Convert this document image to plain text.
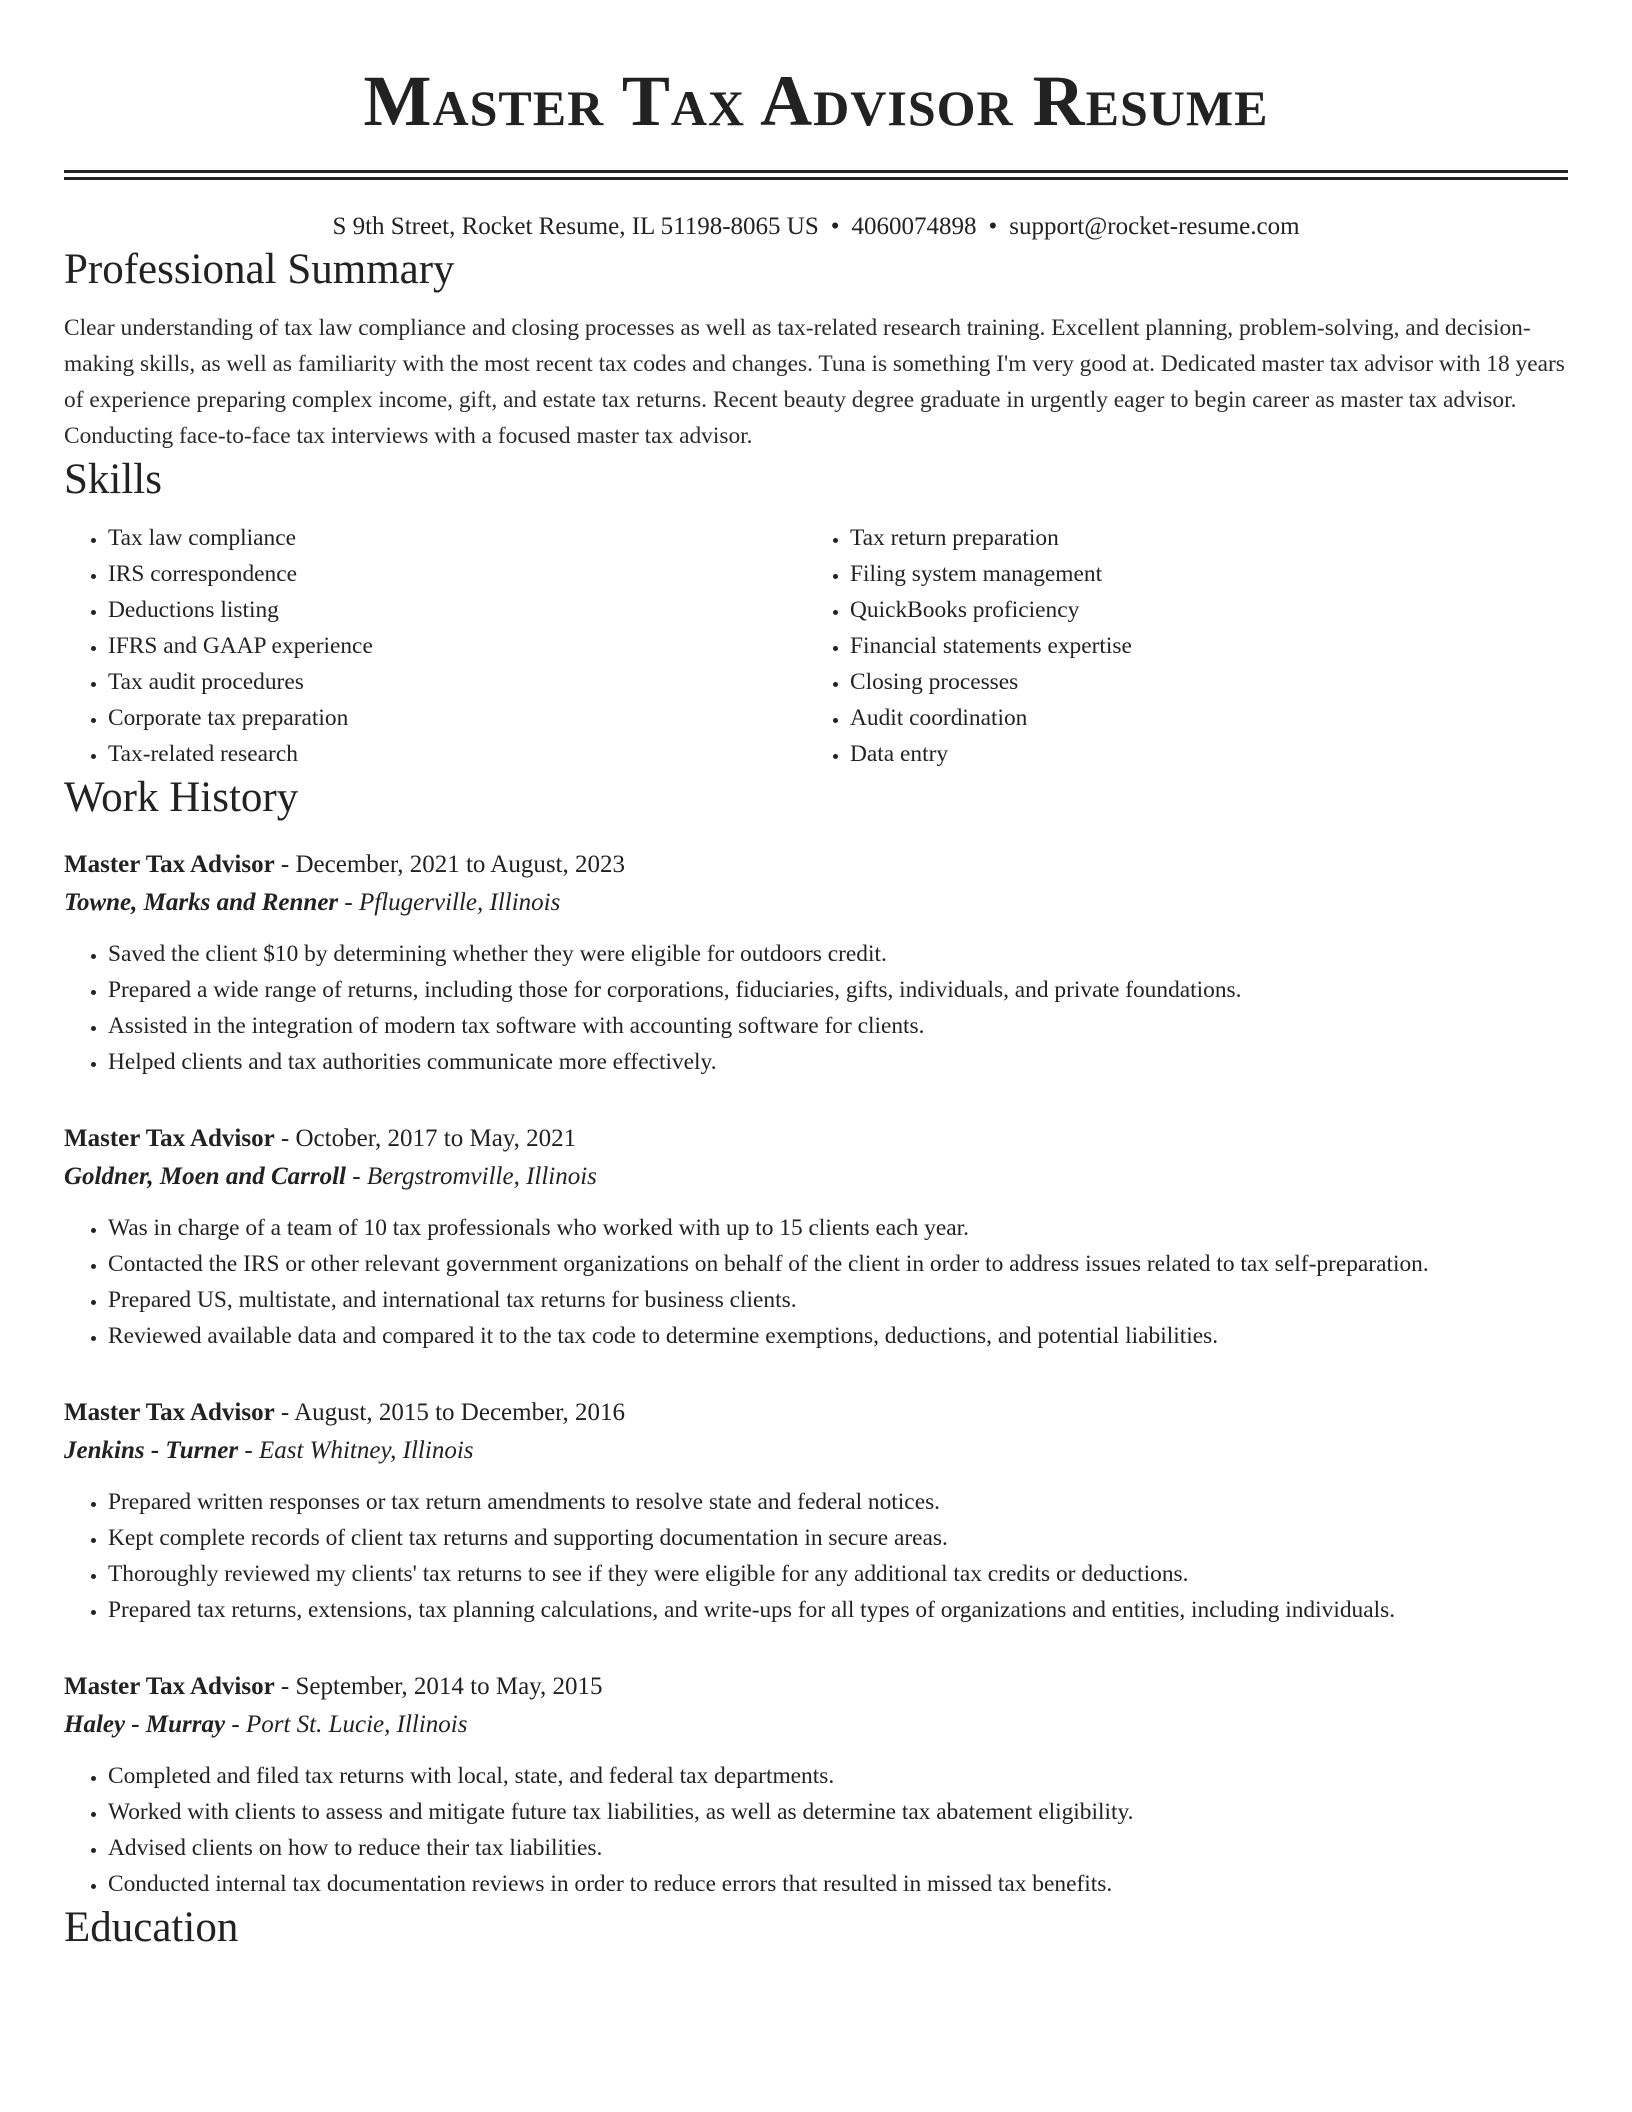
Master Tax Advisor Resume
S 9th Street, Rocket Resume, IL 51198-8065 US • 4060074898 • support@rocket-resume.com
Professional Summary

Clear understanding of tax law compliance and closing processes as well as tax-related research training. Excellent planning, problem-solving, and decision-making skills, as well as familiarity with the most recent tax codes and changes. Tuna is something I'm very good at. Dedicated master tax advisor with 18 years of experience preparing complex income, gift, and estate tax returns. Recent beauty degree graduate in urgently eager to begin career as master tax advisor. Conducting face-to-face tax interviews with a focused master tax advisor.

Skills
• Tax law compliance
• IRS correspondence
• Deductions listing
• IFRS and GAAP experience
• Tax audit procedures
• Corporate tax preparation
• Tax-related research
• Tax return preparation
• Filing system management
• QuickBooks proficiency
• Financial statements expertise
• Closing processes
• Audit coordination
• Data entry
Work History
Master Tax Advisor - December, 2021 to August, 2023
Towne, Marks and Renner - Pflugerville, Illinois
• Saved the client $10 by determining whether they were eligible for outdoors credit.
• Prepared a wide range of returns, including those for corporations, fiduciaries, gifts, individuals, and private foundations.
• Assisted in the integration of modern tax software with accounting software for clients.
• Helped clients and tax authorities communicate more effectively.
Master Tax Advisor - October, 2017 to May, 2021
Goldner, Moen and Carroll - Bergstromville, Illinois
• Was in charge of a team of 10 tax professionals who worked with up to 15 clients each year.
• Contacted the IRS or other relevant government organizations on behalf of the client in order to address issues related to tax self-preparation.
• Prepared US, multistate, and international tax returns for business clients.
• Reviewed available data and compared it to the tax code to determine exemptions, deductions, and potential liabilities.
Master Tax Advisor - August, 2015 to December, 2016
Jenkins - Turner - East Whitney, Illinois
• Prepared written responses or tax return amendments to resolve state and federal notices.
• Kept complete records of client tax returns and supporting documentation in secure areas.
• Thoroughly reviewed my clients' tax returns to see if they were eligible for any additional tax credits or deductions.
• Prepared tax returns, extensions, tax planning calculations, and write-ups for all types of organizations and entities, including individuals.
Master Tax Advisor - September, 2014 to May, 2015
Haley - Murray - Port St. Lucie, Illinois
• Completed and filed tax returns with local, state, and federal tax departments.
• Worked with clients to assess and mitigate future tax liabilities, as well as determine tax abatement eligibility.
• Advised clients on how to reduce their tax liabilities.
• Conducted internal tax documentation reviews in order to reduce errors that resulted in missed tax benefits.
Education
